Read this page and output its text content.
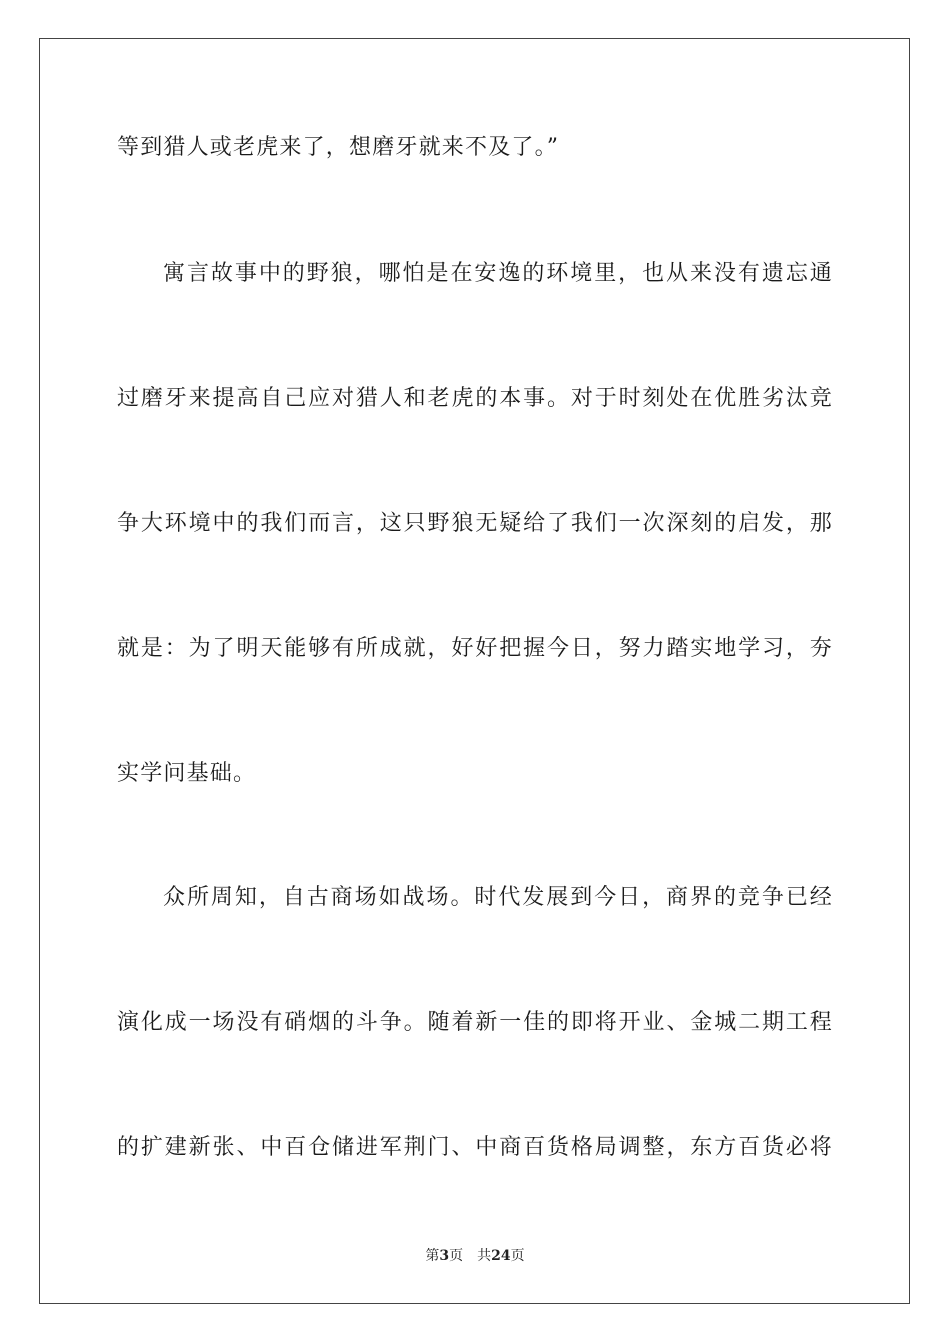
等到猎人或老虎来了，想磨牙就来不及了。”
寓言故事中的野狼，哪怕是在安逸的环境里，也从来没有遗忘通
过磨牙来提高自己应对猎人和老虎的本事。对于时刻处在优胜劣汰竞
争大环境中的我们而言，这只野狼无疑给了我们一次深刻的启发，那
就是：为了明天能够有所成就，好好把握今日，努力踏实地学习，夯
实学问基础。
众所周知，自古商场如战场。时代发展到今日，商界的竞争已经
演化成一场没有硝烟的斗争。随着新一佳的即将开业、金城二期工程
的扩建新张、中百仓储进军荆门、中商百货格局调整，东方百货必将
第3页 共24页
